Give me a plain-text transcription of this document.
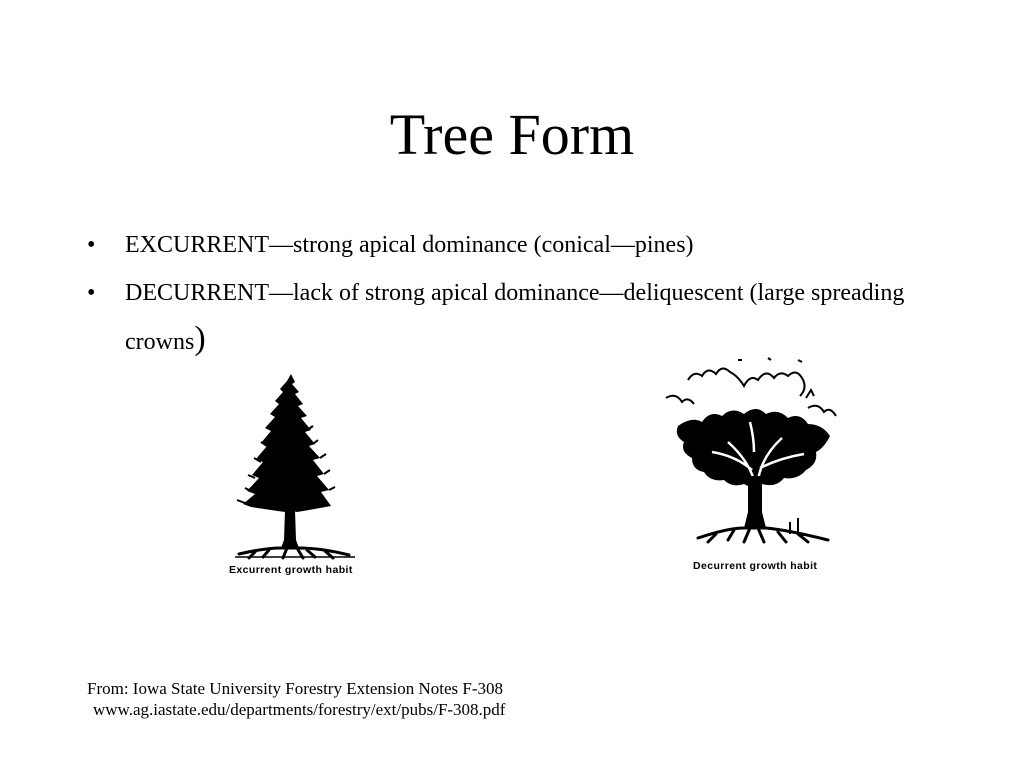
Tree Form
• EXCURRENT—strong apical dominance (conical—pines)
• DECURRENT—lack of strong apical dominance—deliquescent (large spreading crowns)
Excurrent growth habit	Decurrent growth habit
From: Iowa State University Forestry Extension Notes F-308
www.ag.iastate.edu/departments/forestry/ext/pubs/F-308.pdf
